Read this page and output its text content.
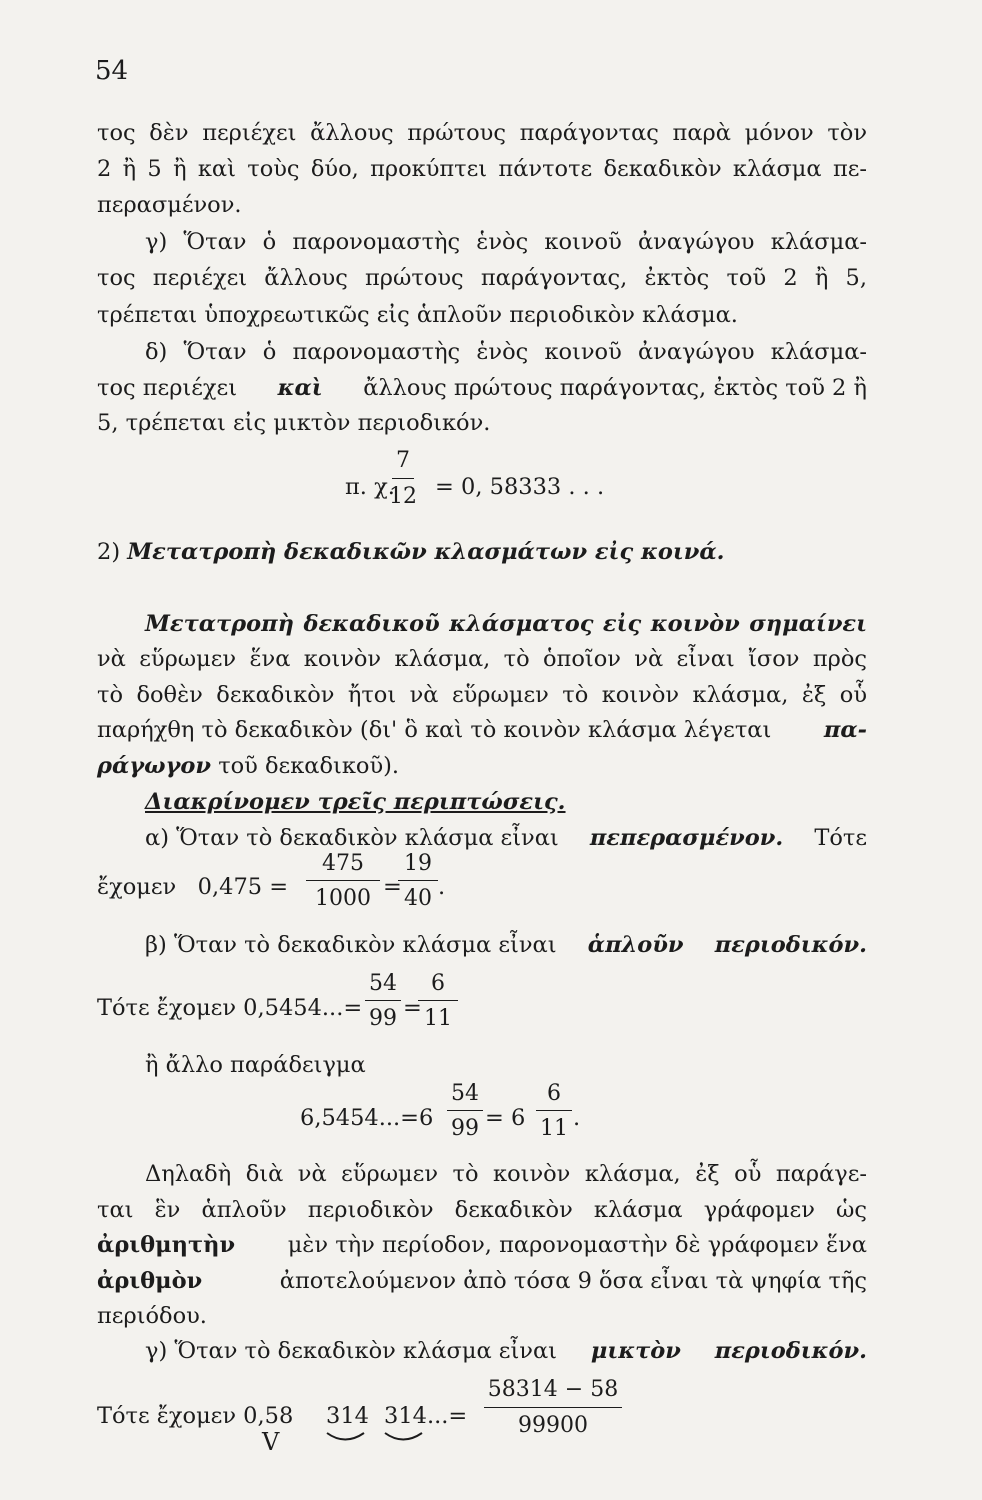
54
τος δὲν περιέχει ἄλλους πρώτους παράγοντας παρὰ μόνον τὸν
2 ἢ 5 ἢ καὶ τοὺς δύο, προκύπτει πάντοτε δεκαδικὸν κλάσμα πε-
περασμένον.
γ) Ὅταν ὁ παρονομαστὴς ἑνὸς κοινοῦ ἀναγώγου κλάσμα-
τος περιέχει ἄλλους πρώτους παράγοντας, ἐκτὸς τοῦ 2 ἢ 5,
τρέπεται ὑποχρεωτικῶς εἰς ἁπλοῦν περιοδικὸν κλάσμα.
δ) Ὅταν ὁ παρονομαστὴς ἑνὸς κοινοῦ ἀναγώγου κλάσμα-
τος περιέχει καὶ ἄλλους πρώτους παράγοντας, ἐκτὸς τοῦ 2 ἢ
5, τρέπεται εἰς μικτὸν περιοδικόν.
π. χ.
7
12 = 0, 58333 . . .
2) Μετατροπὴ δεκαδικῶν κλασμάτων εἰς κοινά.
Μετατροπὴ δεκαδικοῦ κλάσματος εἰς κοινὸν σημαίνει
νὰ εὕρωμεν ἕνα κοινὸν κλάσμα, τὸ ὁποῖον νὰ εἶναι ἴσον πρὸς
τὸ δοθὲν δεκαδικὸν ἤτοι νὰ εὕρωμεν τὸ κοινὸν κλάσμα, ἐξ οὗ
παρήχθη τὸ δεκαδικὸν (δι' ὃ καὶ τὸ κοινὸν κλάσμα λέγεται πα-
ράγωγον τοῦ δεκαδικοῦ).
Διακρίνομεν τρεῖς περιπτώσεις.
α) Ὅταν τὸ δεκαδικὸν κλάσμα εἶναι πεπερασμένον. Τότε
ἔχομεν   0,475 =
475
1000 =
19
40 .
β) Ὅταν τὸ δεκαδικὸν κλάσμα εἶναι ἁπλοῦν περιοδικόν.
Τότε ἔχομεν 0,5454...=
54
99 =
6
11
ἢ ἄλλο παράδειγμα
6,5454...=6
54
99 = 6
6
11 .
Δηλαδὴ διὰ νὰ εὕρωμεν τὸ κοινὸν κλάσμα, ἐξ οὗ παράγε-
ται ἓν ἁπλοῦν περιοδικὸν δεκαδικὸν κλάσμα γράφομεν ὡς
ἀριθμητὴν μὲν τὴν περίοδον, παρονομαστὴν δὲ γράφομεν ἕνα
ἀριθμὸν	ἀποτελούμενον ἀπὸ τόσα 9 ὅσα εἶναι τὰ ψηφία τῆς
περιόδου.
γ) Ὅταν τὸ δεκαδικὸν κλάσμα εἶναι μικτὸν περιοδικόν.
Τότε ἔχομεν 0,58 314 314...=
58314 − 58
99900
V
